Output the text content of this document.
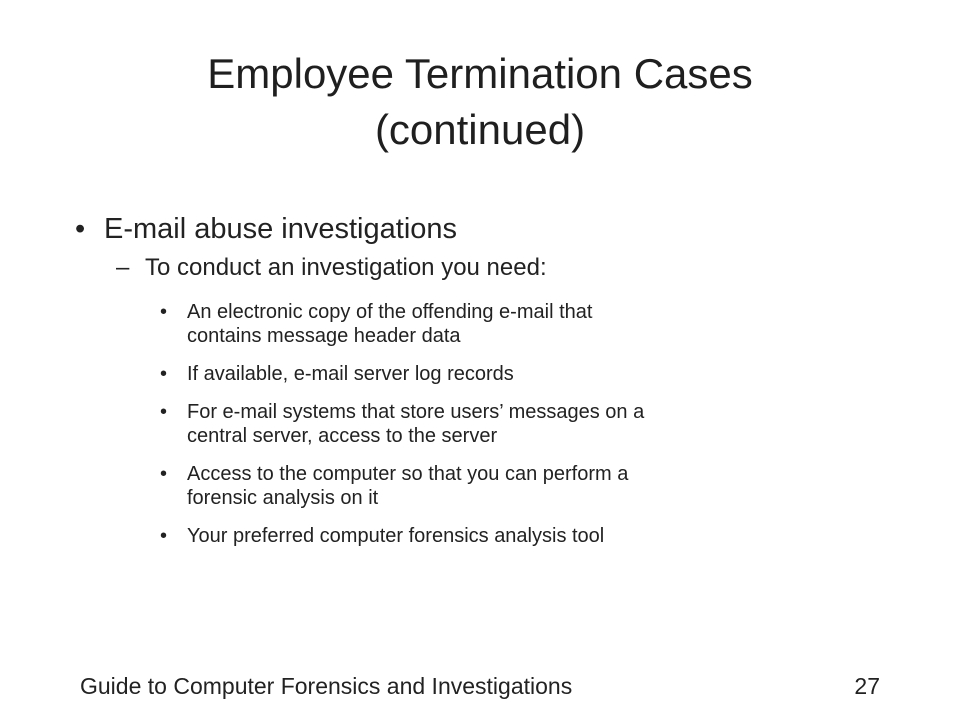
Employee Termination Cases
(continued)
• E-mail abuse investigations
– To conduct an investigation you need:
• An electronic copy of the offending e-mail that
contains message header data
• If available, e-mail server log records
• For e-mail systems that store users’ messages on a
central server, access to the server
• Access to the computer so that you can perform a
forensic analysis on it
• Your preferred computer forensics analysis tool
Guide to Computer Forensics and Investigations	27
